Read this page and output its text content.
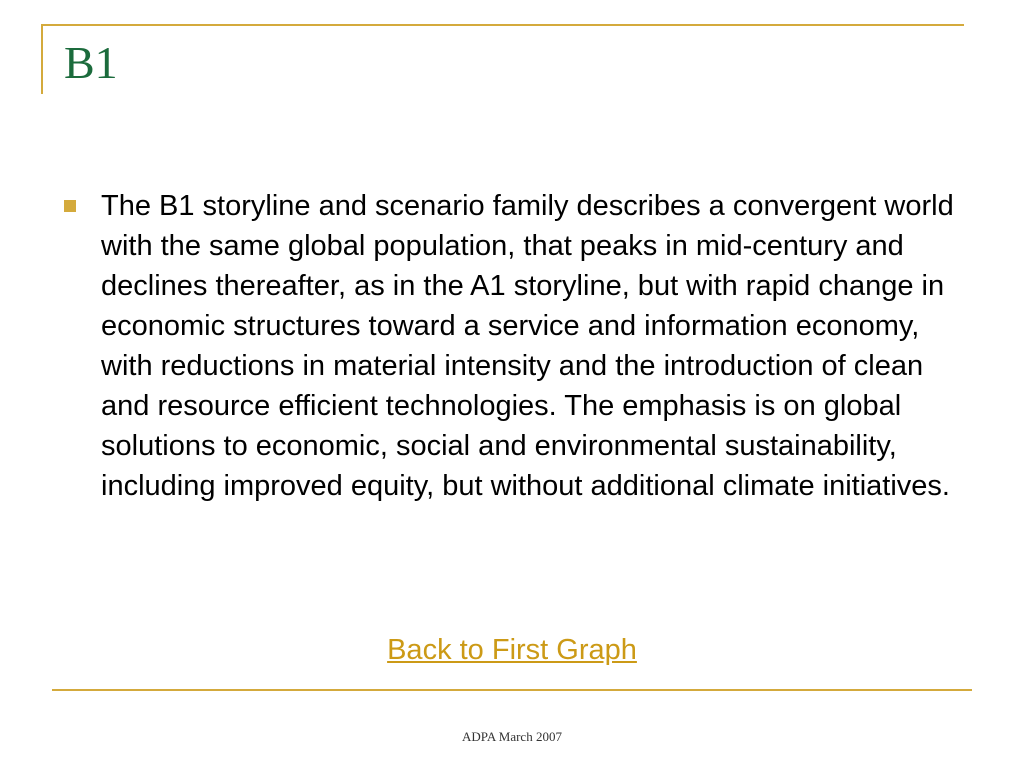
B1

The B1 storyline and scenario family describes a convergent world with the same global population, that peaks in mid-century and declines thereafter, as in the A1 storyline, but with rapid change in economic structures toward a service and information economy, with reductions in material intensity and the introduction of clean and resource efficient technologies. The emphasis is on global solutions to economic, social and environmental sustainability, including improved equity, but without additional climate initiatives.

Back to First Graph
ADPA March 2007
